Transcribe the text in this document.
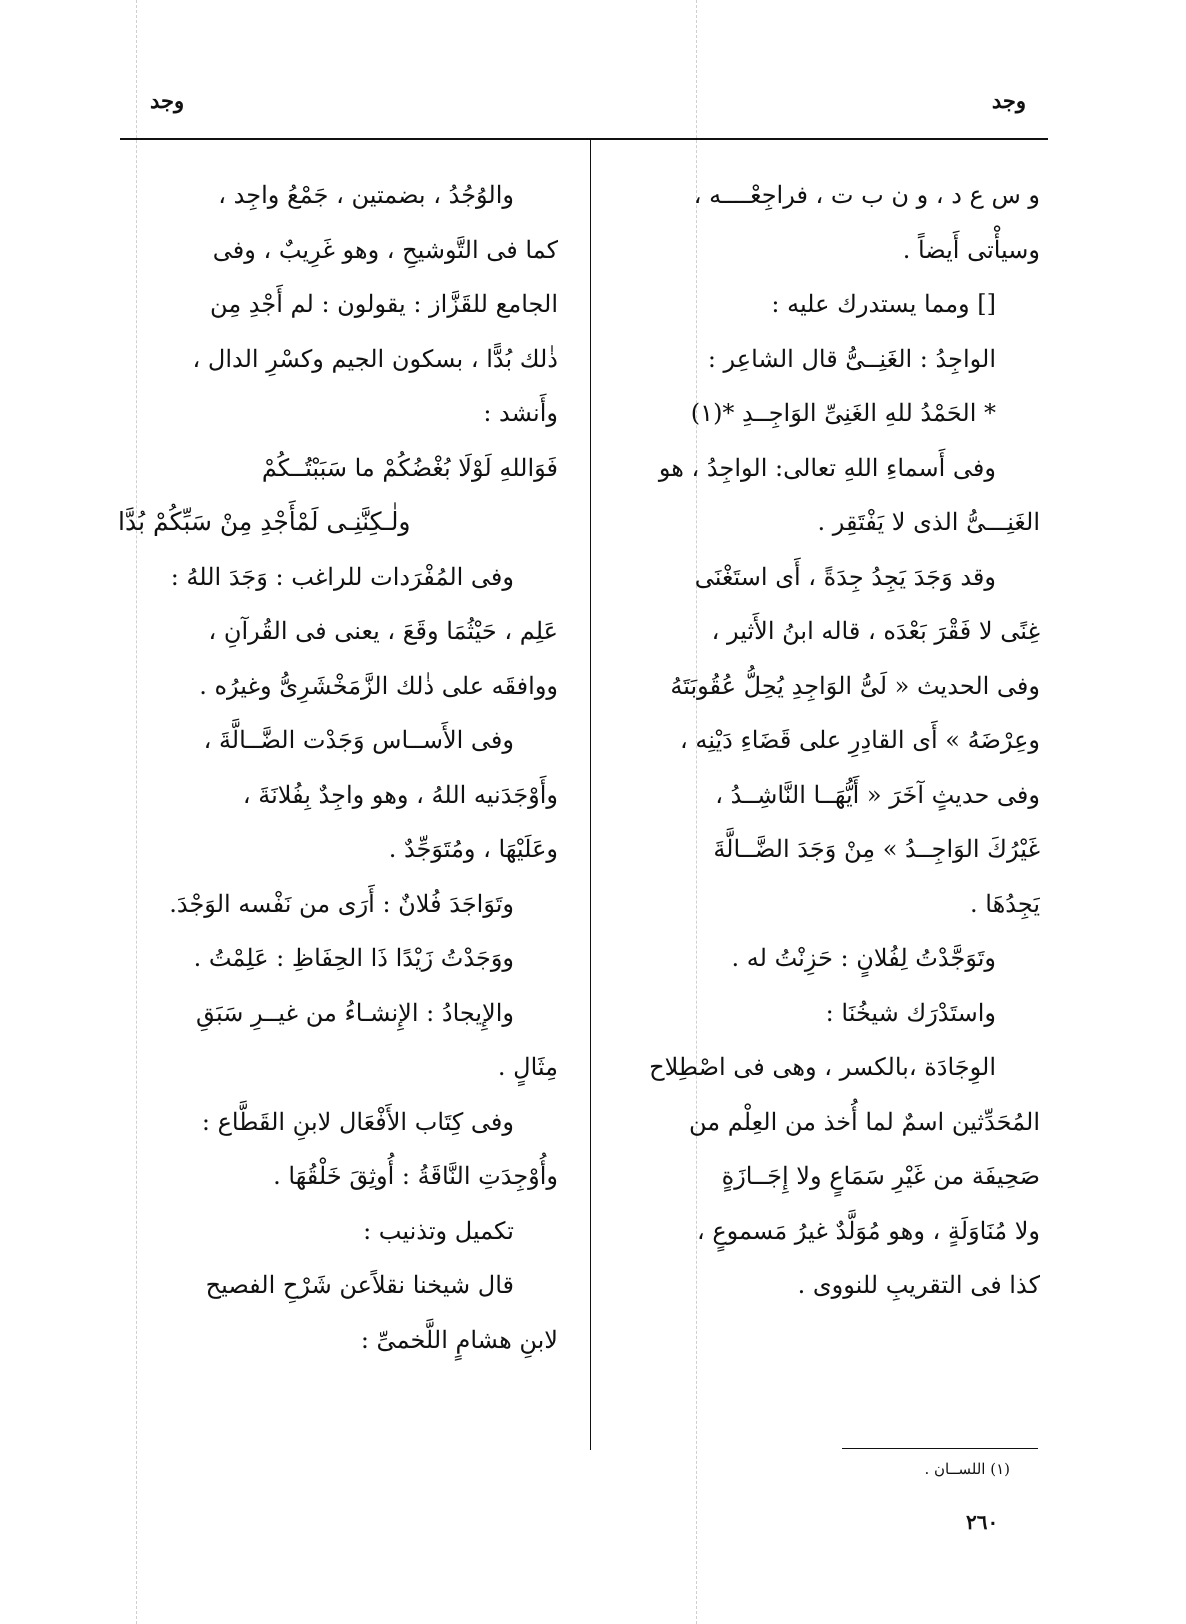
وجد
وجد
و س ع د ، و ن ب ت ، فراجِعْــــه ،
وسيأْتى أَيضاً .
[] ومما يستدرك عليه :
الواجِدُ : الغَنِــىُّ قال الشاعِر :
* الحَمْدُ للهِ الغَنِىِّ الوَاجِــدِ *(١)
وفى أَسماءِ اللهِ تعالى: الواجِدُ ، هو
الغَنِـــىُّ الذى لا يَفْتَقِر .
وقد وَجَدَ يَجِدُ جِدَةً ، أَى استَغْنَى
غِنًى لا فَقْرَ بَعْدَه ، قاله ابنُ الأَثير ،
وفى الحديث « لَىُّ الوَاجِدِ يُحِلُّ عُقُوبَتَهُ
وعِرْضَهُ » أَى القادِرِ على قَضَاءِ دَيْنِه ،
وفى حديثٍ آخَرَ « أَيُّهَــا النَّاشِــدُ ،
غَيْرُكَ الوَاجِــدُ » مِنْ وَجَدَ الضَّــالَّةَ
يَجِدُهَا .
وتَوَجَّدْتُ لِفُلانٍ : حَزِنْتُ له .
واستَدْرَك شيخُنَا :
الوِجَادَة ،بالكسر ، وهى فى اصْطِلاح
المُحَدِّثين اسمٌ لما أُخذ من العِلْم من
صَحِيفَة من غَيْرِ سَمَاعٍ ولا إِجَــازَةٍ
ولا مُنَاوَلَةٍ ، وهو مُوَلَّدٌ غيرُ مَسموعٍ ،
كذا فى التقريبِ للنووى .
والوُجُدُ ، بضمتين ، جَمْعُ واجِد ،
كما فى التَّوشيحِ ، وهو غَرِيبٌ ، وفى
الجامع للقَزَّاز : يقولون : لم أَجْدِ مِن
ذٰلك بُدًّا ، بسكون الجيم وكسْرِ الدال ،
وأَنشد :
فَوَاللهِ لَوْلَا بُغْضُكُمْ ما سَبَبْتُــكُمْ
ولٰـكِنَّنِـى لَمْأَجْدِ مِنْ سَبِّكُمْ بُدَّا
وفى المُفْرَدات للراغب : وَجَدَ اللهُ :
عَلِم ، حَيْثُمَا وقَعَ ، يعنى فى القُرآنِ ،
ووافقَه على ذٰلك الزَّمَخْشَرِىُّ وغيرُه .
وفى الأَســاس وَجَدْت الضَّــالَّةَ ،
وأَوْجَدَنيه اللهُ ، وهو واجِدٌ بِفُلانَةَ ،
وعَلَيْهَا ، ومُتَوَجِّدٌ .
وتَوَاجَدَ فُلانٌ : أَرَى من نَفْسه الوَجْدَ.
ووَجَدْتُ زَيْدًا ذَا الحِفَاظِ : عَلِمْتُ .
والإِيجادُ : الإِنشـاءُ من غيــرِ سَبَقِ
مِثَالٍ .
وفى كِتَاب الأَفْعَال لابنِ القَطَّاع :
وأُوْجِدَتِ النَّاقَةُ : أُوثِقَ خَلْقُهَا .
تكميل وتذنيب :
قال شيخنا نقلاًعن شَرْحِ الفصيح
لابنِ هشامٍ اللَّخمىِّ :
(١) اللســان .
٢٦٠
